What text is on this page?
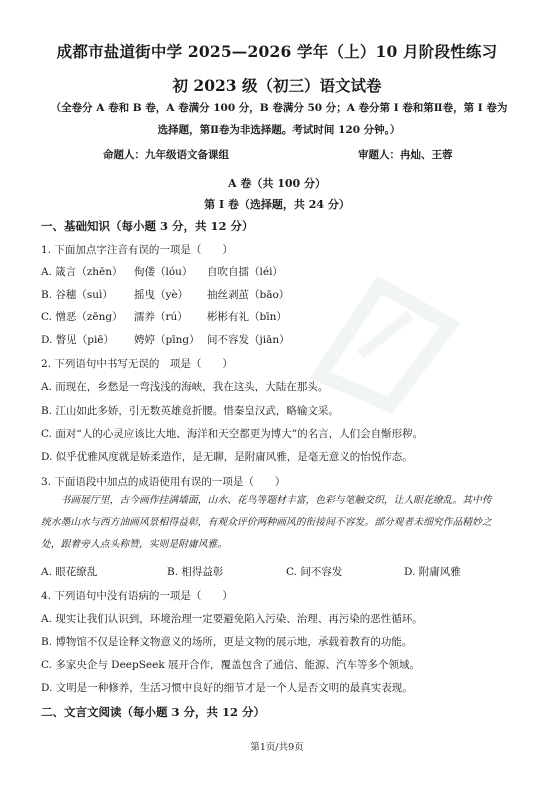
成都市盐道街中学 2025—2026 学年（上）10 月阶段性练习
初 2023 级（初三）语文试卷
（全卷分 A 卷和 B 卷，A 卷满分 100 分，B 卷满分 50 分；A 卷分第 Ⅰ 卷和第Ⅱ卷，第 Ⅰ 卷为
选择题，第Ⅱ卷为非选择题。考试时间 120 分钟。）
命题人：九年级语文备课组	审题人：冉灿、王蓉
A 卷（共 100 分）
第 Ⅰ 卷（选择题，共 24 分）
一、基础知识（每小题 3 分，共 12 分）
1. 下面加点字注音有误的一项是（　　）
A. 箴言（zhēn） 佝偻（lóu） 自吹自擂（léi）
B. 谷穗（suì） 摇曳（yè） 抽丝剥茧（bāo）
C. 憎恶（zēng） 濡养（rú） 彬彬有礼（bīn）
D. 瞥见（piē） 娉婷（pīng） 间不容发（jiān）
2. 下列语句中书写无误的　项是（　　）
A. 而现在，乡愁是一弯浅浅的海峡，我在这头，大陆在那头。
B. 江山如此多娇，引无数英雄竟折腰。惜秦皇汉武，略输文采。
C. 面对“人的心灵应该比大地、海洋和天空都更为博大”的名言，人们会自惭形秽。
D. 似乎优雅风度就是娇柔造作，是无聊，是附庸风雅，是毫无意义的怡悦作态。
3. 下面语段中加点的成语使用有误的一项是（　　）
书画展厅里，古今画作挂满墙面，山水、花鸟等题材丰富，色彩与笔触交织，让人眼花缭乱。其中传
统水墨山水与西方油画风景相得益彰，有观众评价两种画风的衔接间不容发。部分观者未细究作品精妙之
处，跟着旁人点头称赞，实则是附庸风雅。
A. 眼花缭乱	B. 相得益彰	C. 间不容发	D. 附庸风雅
4. 下列语句中没有语病的一项是（　　）
A. 现实让我们认识到，环境治理一定要避免陷入污染、治理、再污染的恶性循环。
B. 博物馆不仅是诠释文物意义的场所，更是文物的展示地，承载着教育的功能。
C. 多家央企与 DeepSeek 展开合作，覆盖包含了通信、能源、汽车等多个领域。
D. 文明是一种修养，生活习惯中良好的细节才是一个人是否文明的最真实表现。
二、文言文阅读（每小题 3 分，共 12 分）
第1页/共9页
